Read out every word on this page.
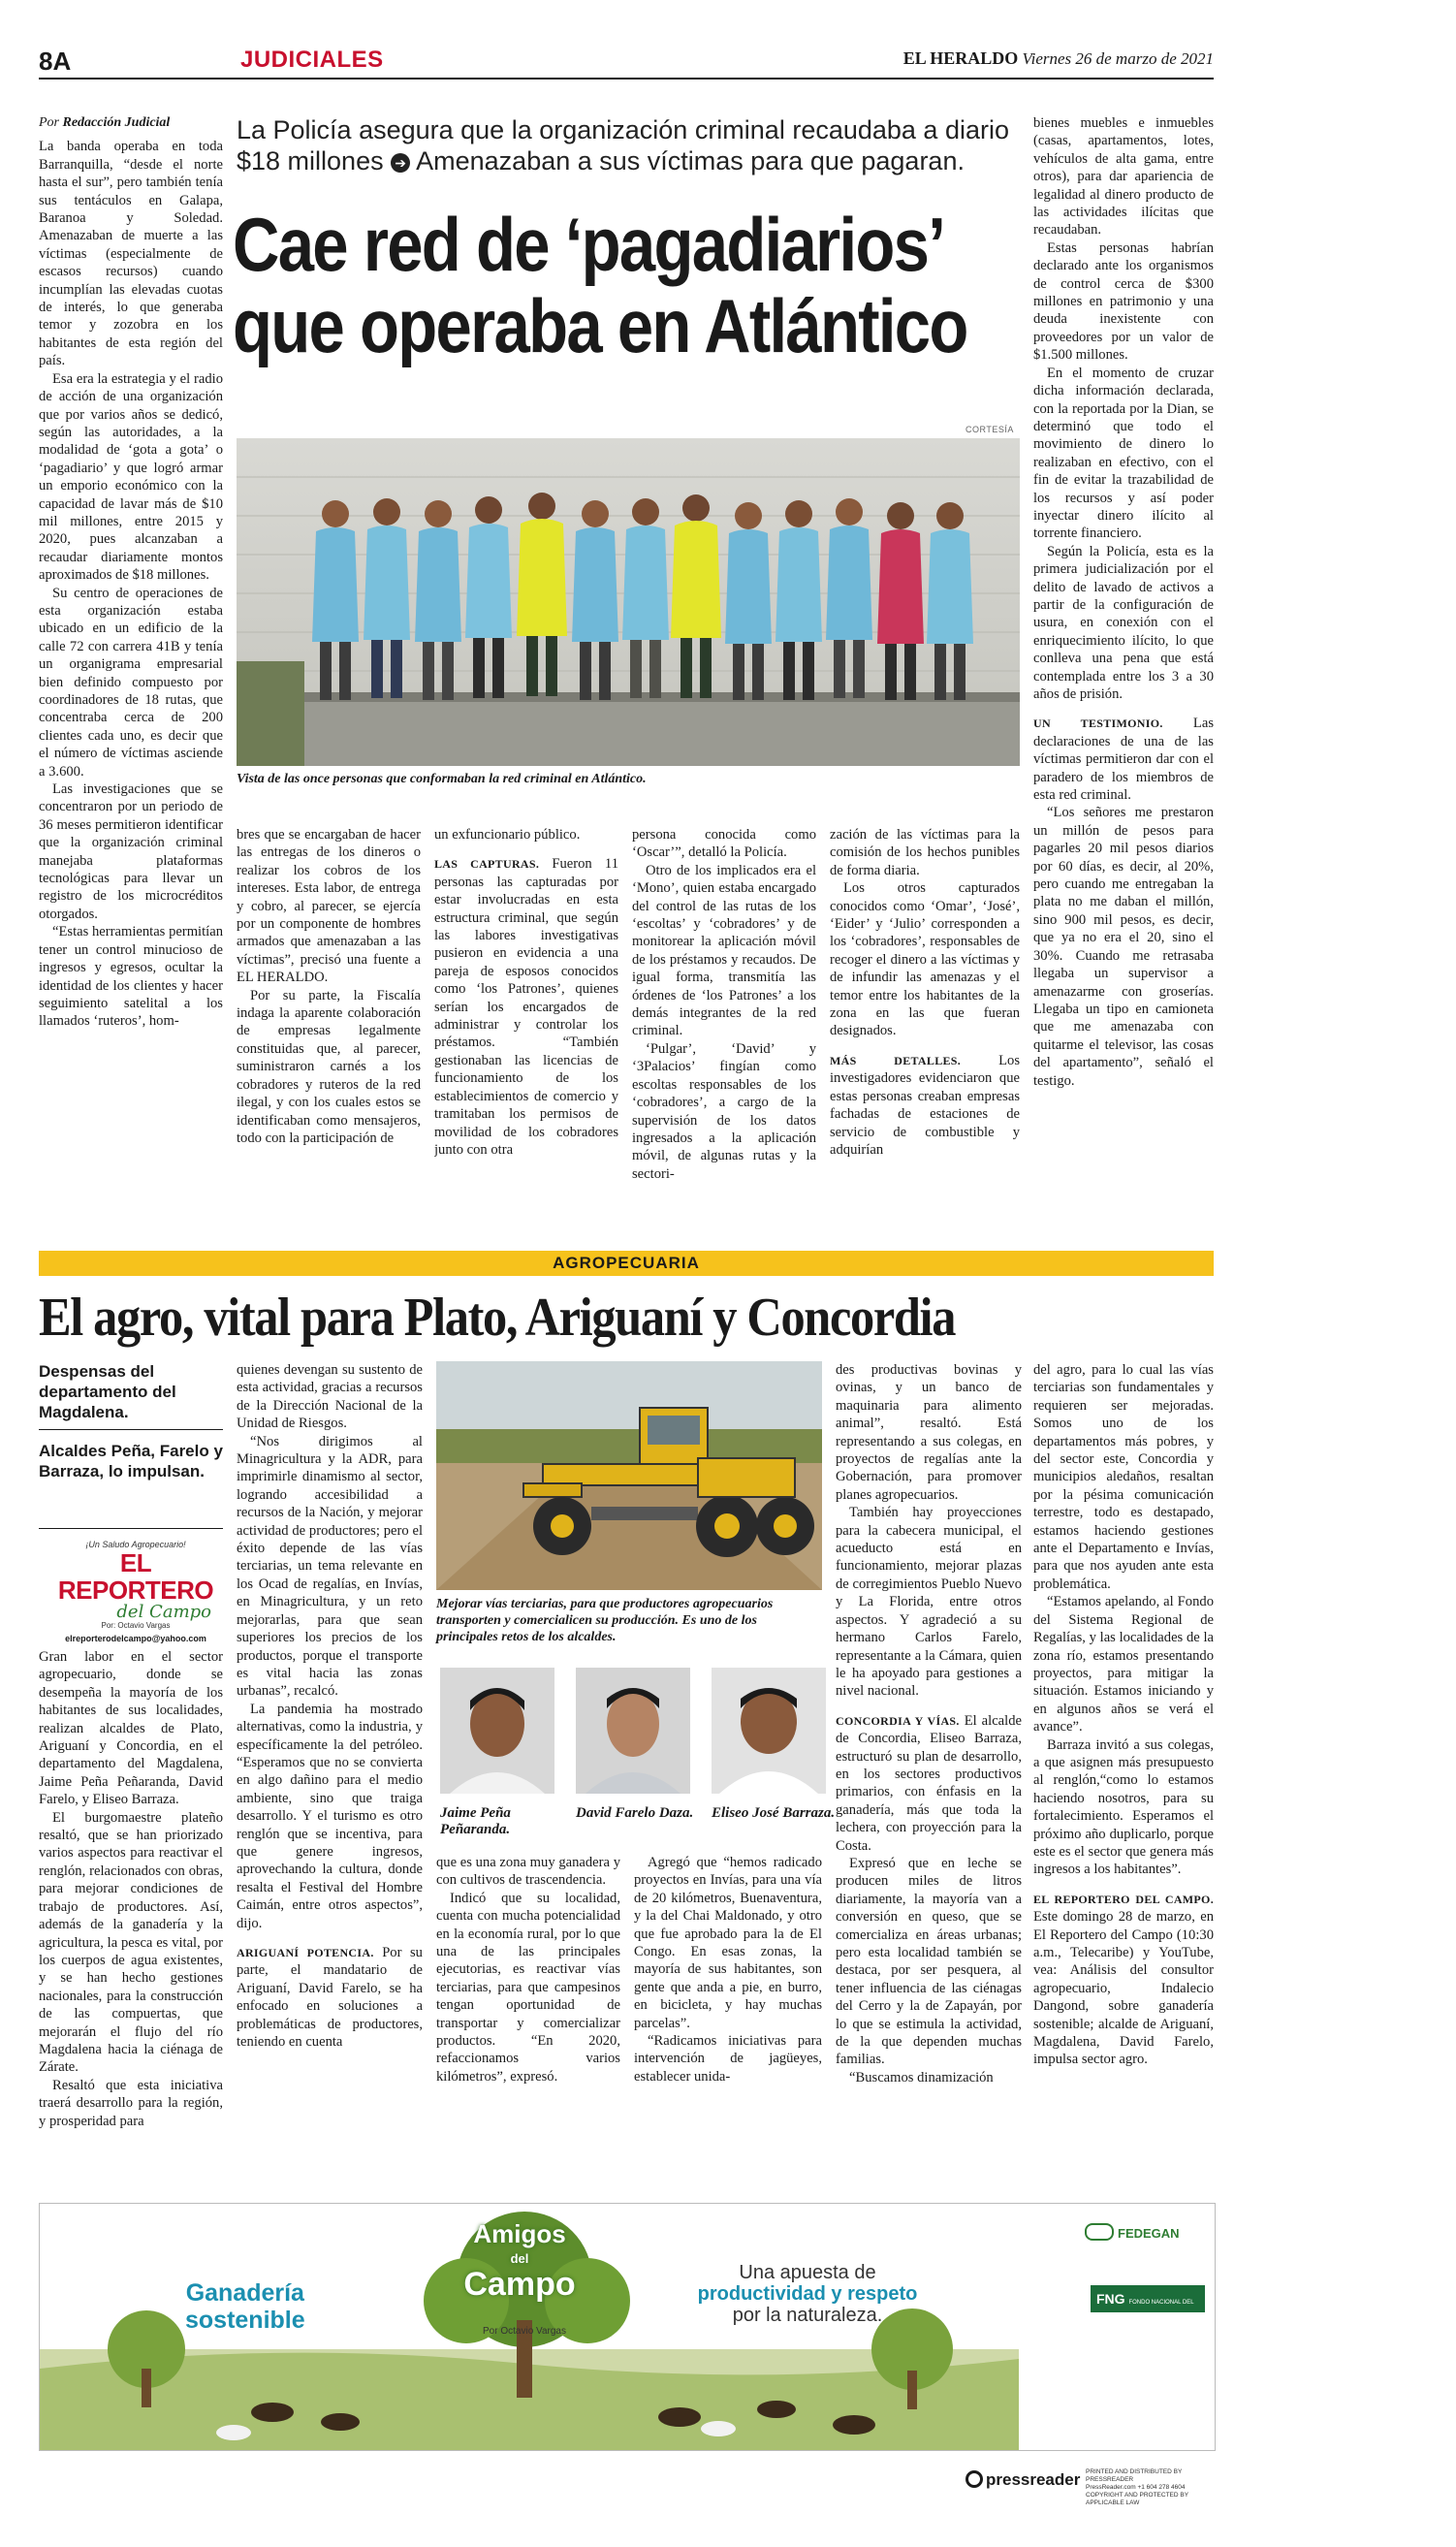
8A	JUDICIALES	EL HERALDO Viernes 26 de marzo de 2021

Por Redacción Judicial

La banda operaba en toda Barranquilla, “desde el norte hasta el sur”, pero también tenía sus tentáculos en Galapa, Baranoa y Soledad. Amenazaban de muerte a las víctimas (especialmente de escasos recursos) cuando incumplían las elevadas cuotas de interés, lo que generaba temor y zozobra en los habitantes de esta región del país.

Esa era la estrategia y el radio de acción de una organización que por varios años se dedicó, según las autoridades, a la modalidad de ‘gota a gota’ o ‘pagadiario’ y que logró armar un emporio económico con la capacidad de lavar más de $10 mil millones, entre 2015 y 2020, pues alcanzaban a recaudar diariamente montos aproximados de $18 millones.

Su centro de operaciones de esta organización estaba ubicado en un edificio de la calle 72 con carrera 41B y tenía un organigrama empresarial bien definido compuesto por coordinadores de 18 rutas, que concentraba cerca de 200 clientes cada uno, es decir que el número de víctimas asciende a 3.600.

Las investigaciones que se concentraron por un periodo de 36 meses permitieron identificar que la organización criminal manejaba plataformas tecnológicas para llevar un registro de los microcréditos otorgados.

“Estas herramientas permitían tener un control minucioso de ingresos y egresos, ocultar la identidad de los clientes y hacer seguimiento satelital a los llamados ‘ruteros’, hom-

La Policía asegura que la organización criminal recaudaba a diario $18 millones ➔ Amenazaban a sus víctimas para que pagaran.
Cae red de ‘pagadiarios’
que operaba en Atlántico
CORTESÍA
Vista de las once personas que conformaban la red criminal en Atlántico.

bres que se encargaban de hacer las entregas de los dineros o realizar los cobros de los intereses. Esta labor, de entrega y cobro, al parecer, se ejercía por un componente de hombres armados que amenazaban a las víctimas”, precisó una fuente a EL HERALDO.

Por su parte, la Fiscalía indaga la aparente colaboración de empresas legalmente constituidas que, al parecer, suministraron carnés a los cobradores y ruteros de la red ilegal, y con los cuales estos se identificaban como mensajeros, todo con la participación de

un exfuncionario público.

LAS CAPTURAS. Fueron 11 personas las capturadas por estar involucradas en esta estructura criminal, que según las labores investigativas pusieron en evidencia a una pareja de esposos conocidos como ‘los Patrones’, quienes serían los encargados de administrar y controlar los préstamos. “También gestionaban las licencias de funcionamiento de los establecimientos de comercio y tramitaban los permisos de movilidad de los cobradores junto con otra

persona conocida como ‘Oscar’”, detalló la Policía.

Otro de los implicados era el ‘Mono’, quien estaba encargado del control de las rutas de los ‘escoltas’ y ‘cobradores’ y de monitorear la aplicación móvil de los préstamos y recaudos. De igual forma, transmitía las órdenes de ‘los Patrones’ a los demás integrantes de la red criminal.

‘Pulgar’, ‘David’ y ‘3Palacios’ fingían como escoltas responsables de los ‘cobradores’, a cargo de la supervisión de los datos ingresados a la aplicación móvil, de algunas rutas y la sectori-

zación de las víctimas para la comisión de los hechos punibles de forma diaria.

Los otros capturados conocidos como ‘Omar’, ‘José’, ‘Eider’ y ‘Julio’ corresponden a los ‘cobradores’, responsables de recoger el dinero a las víctimas y de infundir las amenazas y el temor entre los habitantes de la zona en las que fueran designados.

MÁS DETALLES.	Los investigadores evidenciaron que estas personas creaban empresas fachadas de estaciones de servicio de combustible y adquirían

bienes muebles e inmuebles (casas, apartamentos, lotes, vehículos de alta gama, entre otros), para dar apariencia de legalidad al dinero producto de las actividades ilícitas que recaudaban.

Estas personas habrían declarado ante los organismos de control cerca de $300 millones en patrimonio y una deuda inexistente con proveedores por un valor de $1.500 millones.

En el momento de cruzar dicha información declarada, con la reportada por la Dian, se determinó que todo el movimiento de dinero lo realizaban en efectivo, con el fin de evitar la trazabilidad de los recursos y así poder inyectar dinero ilícito al torrente financiero.

Según la Policía, esta es la primera judicialización por el delito de lavado de activos a partir de la configuración de usura, en conexión con el enriquecimiento ilícito, lo que conlleva una pena que está contemplada entre los 3 a 30 años de prisión.

UN TESTIMONIO. Las declaraciones de una de las víctimas permitieron dar con el paradero de los miembros de esta red criminal.

“Los señores me prestaron un millón de pesos para pagarles 20 mil pesos diarios por 60 días, es decir, al 20%, pero cuando me entregaban la plata no me daban el millón, sino 900 mil pesos, es decir, que ya no era el 20, sino el 30%. Cuando me retrasaba llegaba un supervisor a amenazarme con groserías. Llegaba un tipo en camioneta que me amenazaba con quitarme el televisor, las cosas del apartamento”, señaló el testigo.

AGROPECUARIA
El agro, vital para Plato, Ariguaní y Concordia
Despensas del departamento del Magdalena.
Alcaldes Peña, Farelo y Barraza, lo impulsan.
¡Un Saludo Agropecuario!
EL REPORTERO
del Campo
Por: Octavio Vargas
elreporterodelcampo@yahoo.com

Gran labor en el sector agropecuario, donde se desempeña la mayoría de los habitantes de sus localidades, realizan alcaldes de Plato, Ariguaní y Concordia, en el departamento del Magdalena, Jaime Peña Peñaranda, David Farelo, y Eliseo Barraza.

El burgomaestre plateño resaltó, que se han priorizado varios aspectos para reactivar el renglón, relacionados con obras, para mejorar condiciones de trabajo de productores. Así, además de la ganadería y la agricultura, la pesca es vital, por los cuerpos de agua existentes, y se han hecho gestiones nacionales, para la construcción de las compuertas, que mejorarán el flujo del río Magdalena hacia la ciénaga de Zárate.

Resaltó que esta iniciativa traerá desarrollo para la región, y prosperidad para

quienes devengan su sustento de esta actividad, gracias a recursos de la Dirección Nacional de la Unidad de Riesgos.

“Nos dirigimos al Minagricultura y la ADR, para imprimirle dinamismo al sector, logrando accesibilidad a recursos de la Nación, y mejorar actividad de productores; pero el éxito depende de las vías terciarias, un tema relevante en los Ocad de regalías, en Invías, en Minagricultura, y un reto mejorarlas, para que sean superiores los precios de los productos, porque el transporte es vital hacia las zonas urbanas”, recalcó.

La pandemia ha mostrado alternativas, como la industria, y específicamente la del petróleo. “Esperamos que no se convierta en algo dañino para el medio ambiente, sino que traiga desarrollo. Y el turismo es otro renglón que se incentiva, para que genere ingresos, aprovechando la cultura, donde resalta el Festival del Hombre Caimán, entre otros aspectos”, dijo.

ARIGUANÍ POTENCIA. Por su parte, el mandatario de Ariguaní, David Farelo, se ha enfocado en soluciones a problemáticas de productores, teniendo en cuenta

Mejorar vías terciarias, para que productores agropecuarios transporten y comercialicen su producción. Es uno de los principales retos de los alcaldes.
Jaime Peña Peñaranda.
David Farelo Daza.	Eliseo José Barraza.

que es una zona muy ganadera y con cultivos de trascendencia.

Indicó que su localidad, cuenta con mucha potencialidad en la economía rural, por lo que una de las principales ejecutorias, es reactivar vías terciarias, para que campesinos tengan oportunidad de transportar y comercializar productos. “En 2020, refaccionamos varios kilómetros”, expresó.

Agregó que “hemos radicado proyectos en Invías, para una vía de 20 kilómetros, Buenaventura, y la del Chai Maldonado, y otro que fue aprobado para la de El Congo. En esas zonas, la mayoría de sus habitantes, son gente que anda a pie, en burro, en bicicleta, y hay muchas parcelas”.

“Radicamos iniciativas para intervención de jagüeyes, establecer unida-

des productivas bovinas y ovinas, y un banco de maquinaria para alimento animal”, resaltó. Está representando a sus colegas, en proyectos de regalías ante la Gobernación, para promover planes agropecuarios.

También hay proyecciones para la cabecera municipal, el acueducto está en funcionamiento, mejorar plazas de corregimientos Pueblo Nuevo y La Florida, entre otros aspectos. Y agradeció a su hermano Carlos Farelo, representante a la Cámara, quien le ha apoyado para gestiones a nivel nacional.

CONCORDIA Y VÍAS. El alcalde de Concordia, Eliseo Barraza, estructuró su plan de desarrollo, en los sectores productivos primarios, con énfasis en la ganadería, más que toda la lechera, con proyección para la Costa.

Expresó que en leche se producen miles de litros diariamente, la mayoría van a conversión en queso, que se comercializa en áreas urbanas; pero esta localidad también se destaca, por ser pesquera, al tener influencia de las ciénagas del Cerro y la de Zapayán, por lo que se estimula la actividad, de la que dependen muchas familias.

“Buscamos dinamización

del agro, para lo cual las vías terciarias son fundamentales y requieren ser mejoradas. Somos uno de los departamentos más pobres, y del sector este, Concordia y municipios aledaños, resaltan por la pésima comunicación terrestre, todo es destapado, estamos haciendo gestiones ante el Departamento e Invías, para que nos ayuden ante esta problemática.

“Estamos apelando, al Fondo del Sistema Regional de Regalías, y las localidades de la zona río, estamos presentando proyectos, para mitigar la situación. Estamos iniciando y en algunos años se verá el avance”.

Barraza invitó a sus colegas, a que asignen más presupuesto al renglón,“como lo estamos haciendo nosotros, para su fortalecimiento. Esperamos el próximo año duplicarlo, porque este es el sector que genera más ingresos a los habitantes”.

EL REPORTERO DEL CAMPO. Este domingo 28 de marzo, en El Reportero del Campo (10:30 a.m., Telecaribe) y YouTube, vea: Análisis del consultor agropecuario, Indalecio Dangond, sobre ganadería sostenible; alcalde de Ariguaní, Magdalena, David Farelo, impulsa sector agro.

Ganadería
sostenible
Amigos
del
Campo
Por Octavio Vargas
Una apuesta de
productividad y respeto
por la naturaleza.
FEDEGAN
FNG FONDO NACIONAL DEL GANADO
pressreader PRINTED AND DISTRIBUTED BY PRESSREADER
PressReader.com +1 604 278 4604
COPYRIGHT AND PROTECTED BY APPLICABLE LAW
